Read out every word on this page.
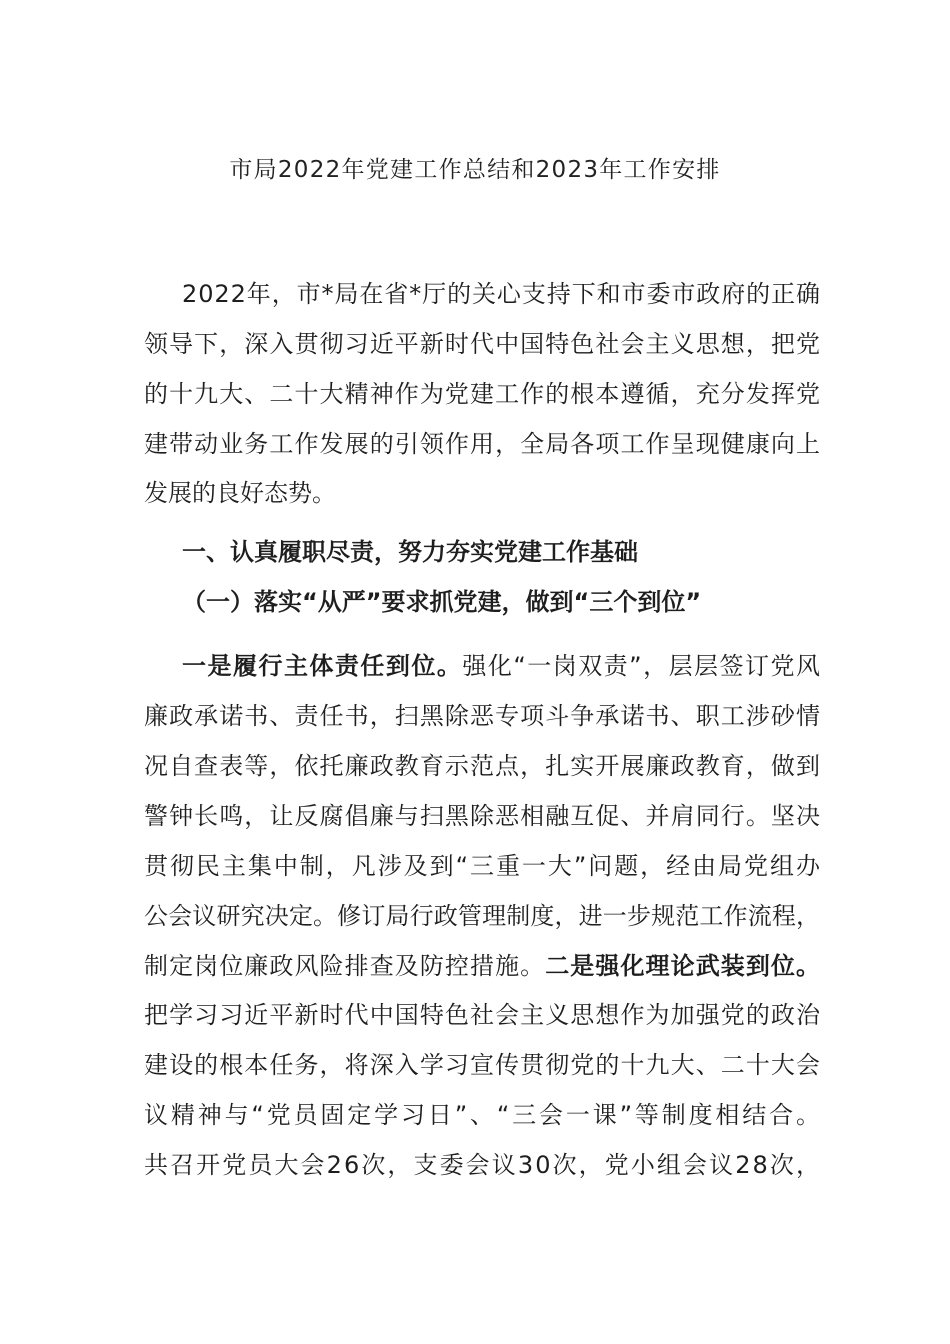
市局2022年党建工作总结和2023年工作安排
2022年，市*局在省*厅的关心支持下和市委市政府的正确
领导下，深入贯彻习近平新时代中国特色社会主义思想，把党
的十九大、二十大精神作为党建工作的根本遵循，充分发挥党
建带动业务工作发展的引领作用，全局各项工作呈现健康向上
发展的良好态势。
一、认真履职尽责，努力夯实党建工作基础
（一）落实“从严”要求抓党建，做到“三个到位”
一是履行主体责任到位。强化“一岗双责”，层层签订党风
廉政承诺书、责任书，扫黑除恶专项斗争承诺书、职工涉砂情
况自查表等，依托廉政教育示范点，扎实开展廉政教育，做到
警钟长鸣，让反腐倡廉与扫黑除恶相融互促、并肩同行。坚决
贯彻民主集中制，凡涉及到“三重一大”问题，经由局党组办
公会议研究决定。修订局行政管理制度，进一步规范工作流程，
制定岗位廉政风险排查及防控措施。二是强化理论武装到位。
把学习习近平新时代中国特色社会主义思想作为加强党的政治
建设的根本任务，将深入学习宣传贯彻党的十九大、二十大会
议精神与“党员固定学习日”、“三会一课”等制度相结合。
共召开党员大会26次，支委会议30次，党小组会议28次，
